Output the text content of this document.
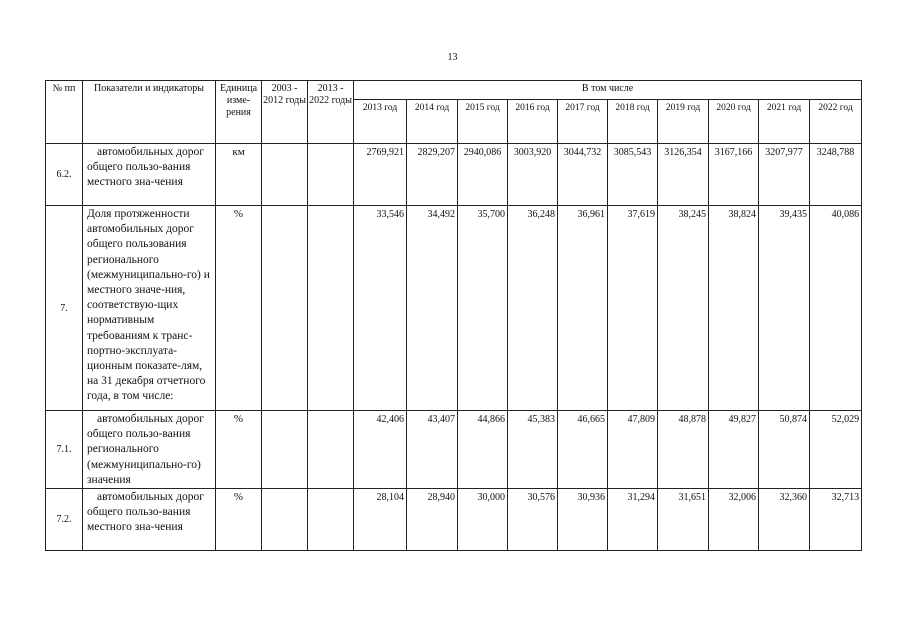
13
№ пп	Показатели и индикаторы	Единица изме-рения	2003 - 2012 годы	2013 - 2022 годы	В том числе									
					2013 год	2014 год	2015 год	2016 год	2017 год	2018 год	2019 год	2020 год	2021 год	2022 год
6.2.	автомобильных дорог общего пользо-вания местного зна-чения	км			2769,921	2829,207	2940,086	3003,920	3044,732	3085,543	3126,354	3167,166	3207,977	3248,788
7.	Доля протяженности автомобильных дорог общего пользования регионального (межмуниципально-го) и местного значе-ния, соответствую-щих нормативным требованиям к транс-портно-эксплуата-ционным показате-лям, на 31 декабря отчетного года, в том числе:	%			33,546	34,492	35,700	36,248	36,961	37,619	38,245	38,824	39,435	40,086
7.1.	автомобильных дорог общего пользо-вания регионального (межмуниципально-го) значения	%			42,406	43,407	44,866	45,383	46,665	47,809	48,878	49,827	50,874	52,029
7.2.	автомобильных дорог общего пользо-вания местного зна-чения	%			28,104	28,940	30,000	30,576	30,936	31,294	31,651	32,006	32,360	32,713
